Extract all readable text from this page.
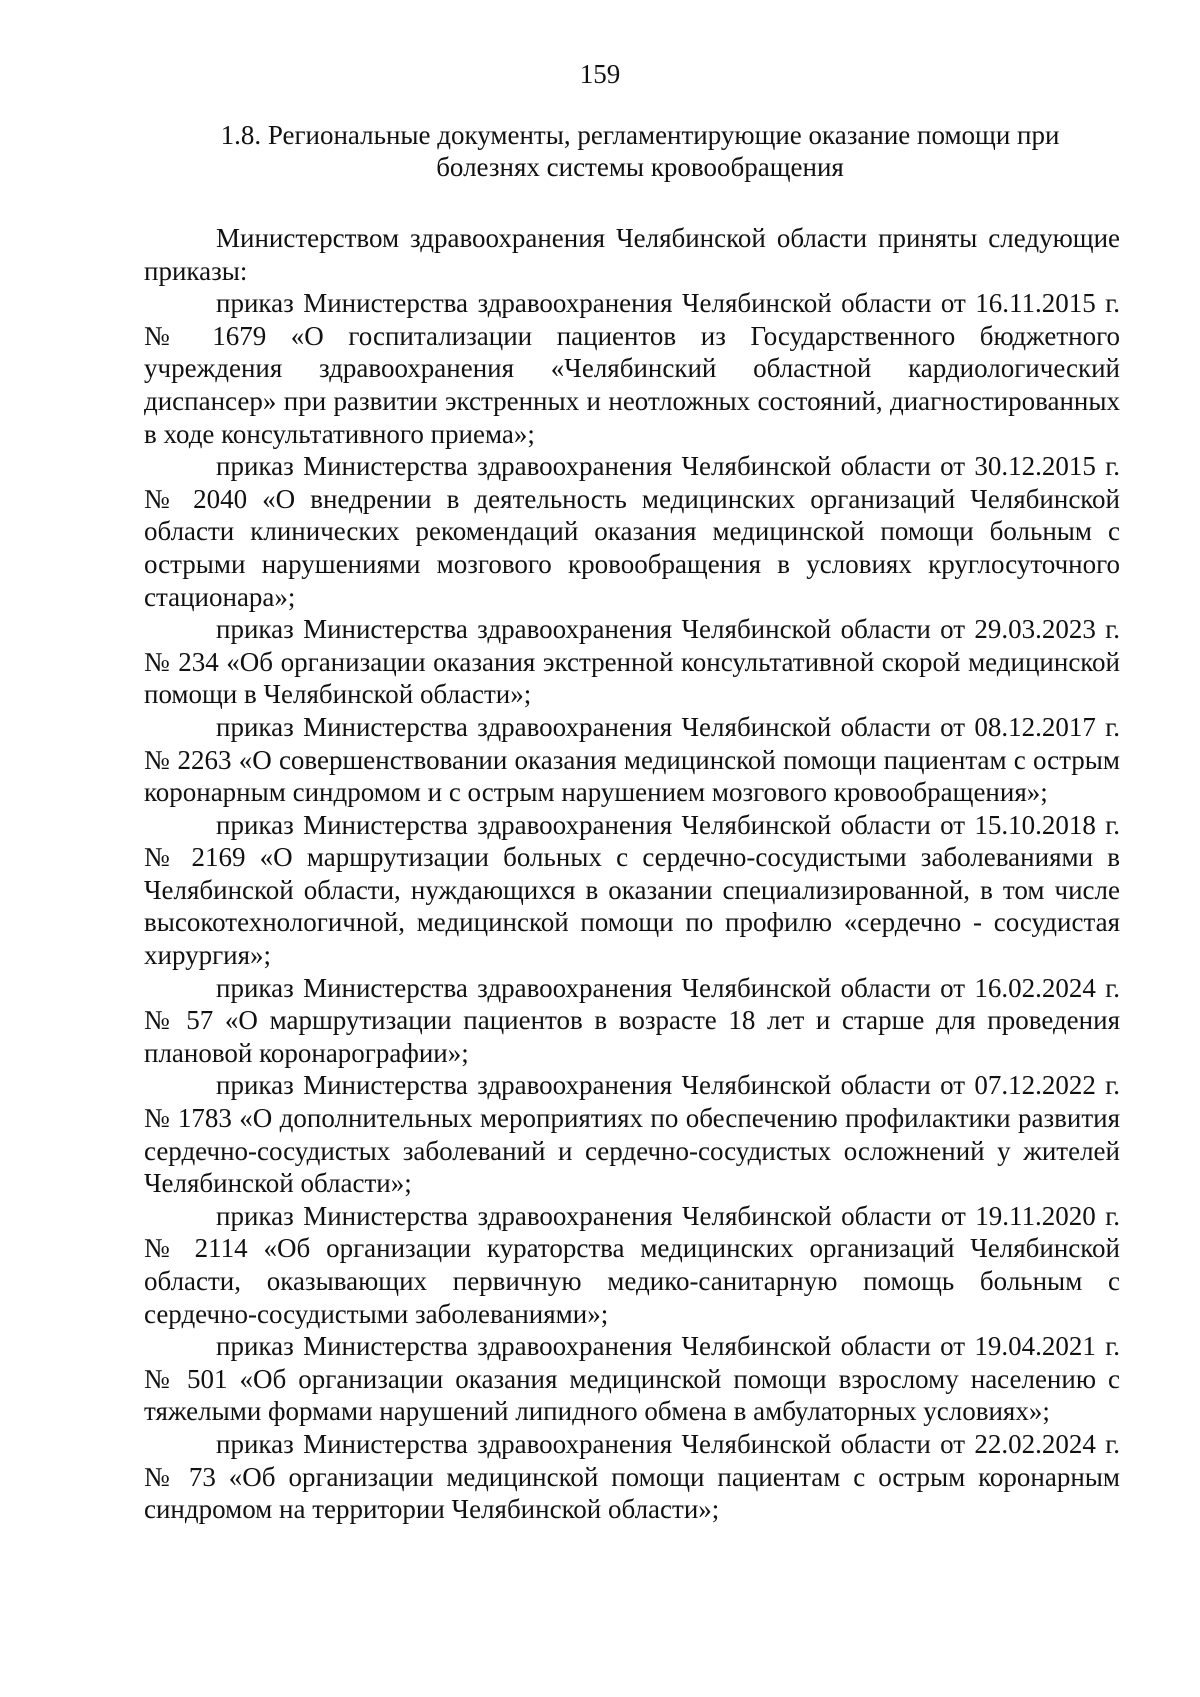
159
1.8. Региональные документы, регламентирующие оказание помощи при
болезнях системы кровообращения

Министерством здравоохранения Челябинской области приняты следующие приказы:

приказ Министерства здравоохранения Челябинской области от 16.11.2015 г. № 1679 «О госпитализации пациентов из Государственного бюджетного учреждения здравоохранения «Челябинский областной кардиологический диспансер» при развитии экстренных и неотложных состояний, диагностированных в ходе консультативного приема»;

приказ Министерства здравоохранения Челябинской области от 30.12.2015 г. № 2040 «О внедрении в деятельность медицинских организаций Челябинской области клинических рекомендаций оказания медицинской помощи больным с острыми нарушениями мозгового кровообращения в условиях круглосуточного стационара»;

приказ Министерства здравоохранения Челябинской области от 29.03.2023 г. № 234 «Об организации оказания экстренной консультативной скорой медицинской помощи в Челябинской области»;

приказ Министерства здравоохранения Челябинской области от 08.12.2017 г. № 2263 «О совершенствовании оказания медицинской помощи пациентам с острым коронарным синдромом и с острым нарушением мозгового кровообращения»;

приказ Министерства здравоохранения Челябинской области от 15.10.2018 г. № 2169 «О маршрутизации больных с сердечно-сосудистыми заболеваниями в Челябинской области, нуждающихся в оказании специализированной, в том числе высокотехнологичной, медицинской помощи по профилю «сердечно - сосудистая хирургия»;

приказ Министерства здравоохранения Челябинской области от 16.02.2024 г. № 57 «О маршрутизации пациентов в возрасте 18 лет и старше для проведения плановой коронарографии»;

приказ Министерства здравоохранения Челябинской области от 07.12.2022 г. № 1783 «О дополнительных мероприятиях по обеспечению профилактики развития сердечно-сосудистых заболеваний и сердечно-сосудистых осложнений у жителей Челябинской области»;

приказ Министерства здравоохранения Челябинской области от 19.11.2020 г. № 2114 «Об организации кураторства медицинских организаций Челябинской области, оказывающих первичную медико-санитарную помощь больным с сердечно-сосудистыми заболеваниями»;

приказ Министерства здравоохранения Челябинской области от 19.04.2021 г. № 501 «Об организации оказания медицинской помощи взрослому населению с тяжелыми формами нарушений липидного обмена в амбулаторных условиях»;

приказ Министерства здравоохранения Челябинской области от 22.02.2024 г. № 73 «Об организации медицинской помощи пациентам с острым коронарным синдромом на территории Челябинской области»;
